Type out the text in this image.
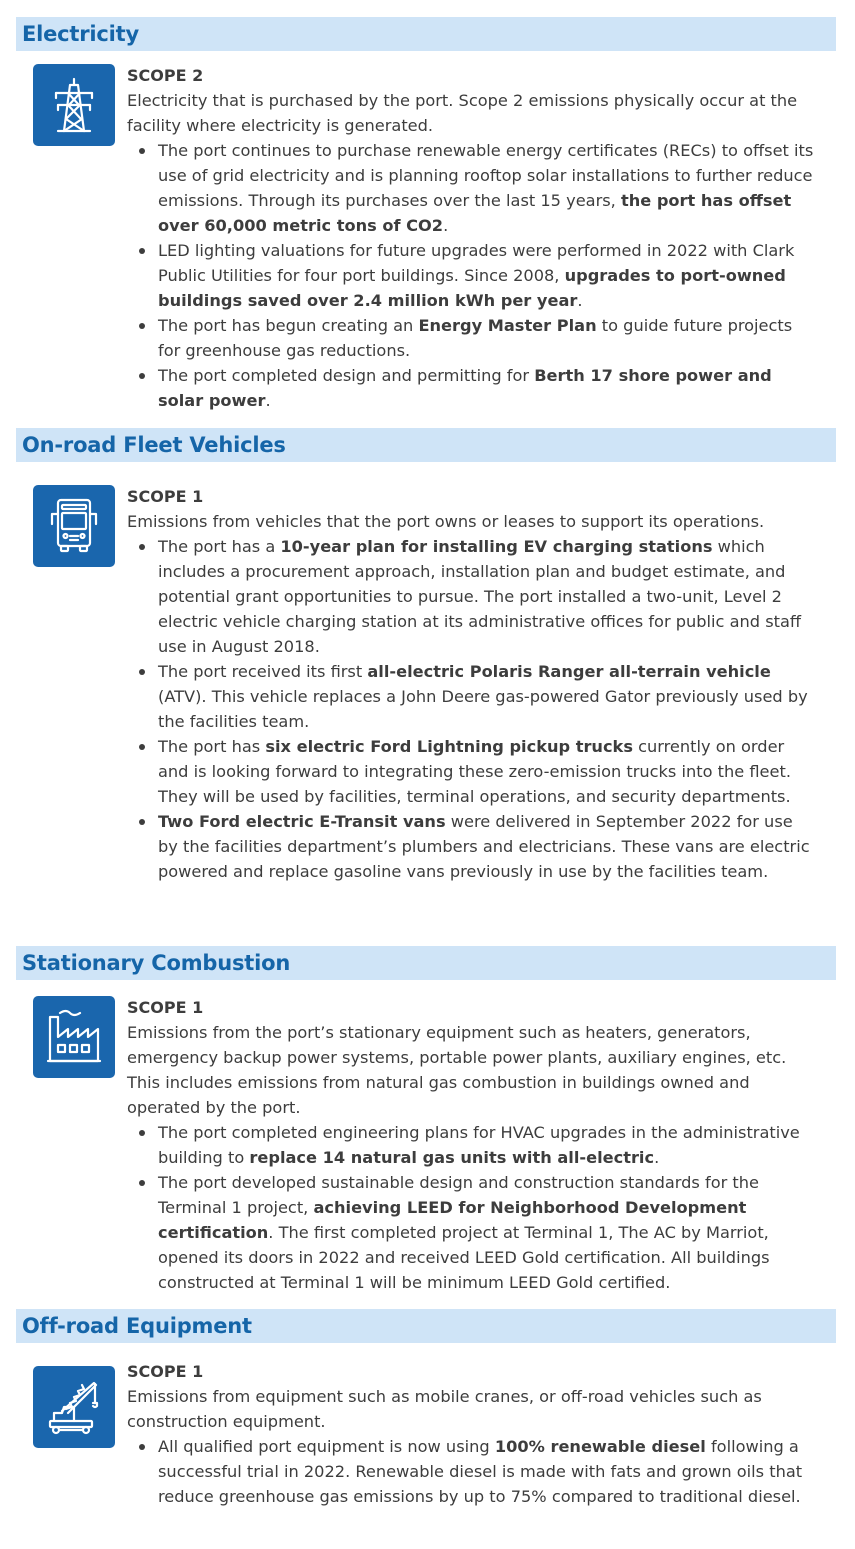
Electricity
SCOPE 2
Electricity that is purchased by the port. Scope 2 emissions physically occur at the facility where electricity is generated.
The port continues to purchase renewable energy certificates (RECs) to offset its use of grid electricity and is planning rooftop solar installations to further reduce emissions. Through its purchases over the last 15 years, the port has offset over 60,000 metric tons of CO2.
LED lighting valuations for future upgrades were performed in 2022 with Clark Public Utilities for four port buildings. Since 2008, upgrades to port-owned buildings saved over 2.4 million kWh per year.
The port has begun creating an Energy Master Plan to guide future projects for greenhouse gas reductions.
The port completed design and permitting for Berth 17 shore power and solar power.
On-road Fleet Vehicles
SCOPE 1
Emissions from vehicles that the port owns or leases to support its operations.
The port has a 10-year plan for installing EV charging stations which includes a procurement approach, installation plan and budget estimate, and potential grant opportunities to pursue. The port installed a two-unit, Level 2 electric vehicle charging station at its administrative offices for public and staff use in August 2018.
The port received its first all-electric Polaris Ranger all-terrain vehicle (ATV). This vehicle replaces a John Deere gas-powered Gator previously used by the facilities team.
The port has six electric Ford Lightning pickup trucks currently on order and is looking forward to integrating these zero-emission trucks into the fleet. They will be used by facilities, terminal operations, and security departments.
Two Ford electric E-Transit vans were delivered in September 2022 for use by the facilities department’s plumbers and electricians. These vans are electric powered and replace gasoline vans previously in use by the facilities team.
Stationary Combustion
SCOPE 1
Emissions from the port’s stationary equipment such as heaters, generators, emergency backup power systems, portable power plants, auxiliary engines, etc. This includes emissions from natural gas combustion in buildings owned and operated by the port.
The port completed engineering plans for HVAC upgrades in the administrative building to replace 14 natural gas units with all-electric.
The port developed sustainable design and construction standards for the Terminal 1 project, achieving LEED for Neighborhood Development certification. The first completed project at Terminal 1, The AC by Marriot, opened its doors in 2022 and received LEED Gold certification. All buildings constructed at Terminal 1 will be minimum LEED Gold certified.
Off-road Equipment
SCOPE 1
Emissions from equipment such as mobile cranes, or off-road vehicles such as construction equipment.
All qualified port equipment is now using 100% renewable diesel following a successful trial in 2022. Renewable diesel is made with fats and grown oils that reduce greenhouse gas emissions by up to 75% compared to traditional diesel.
